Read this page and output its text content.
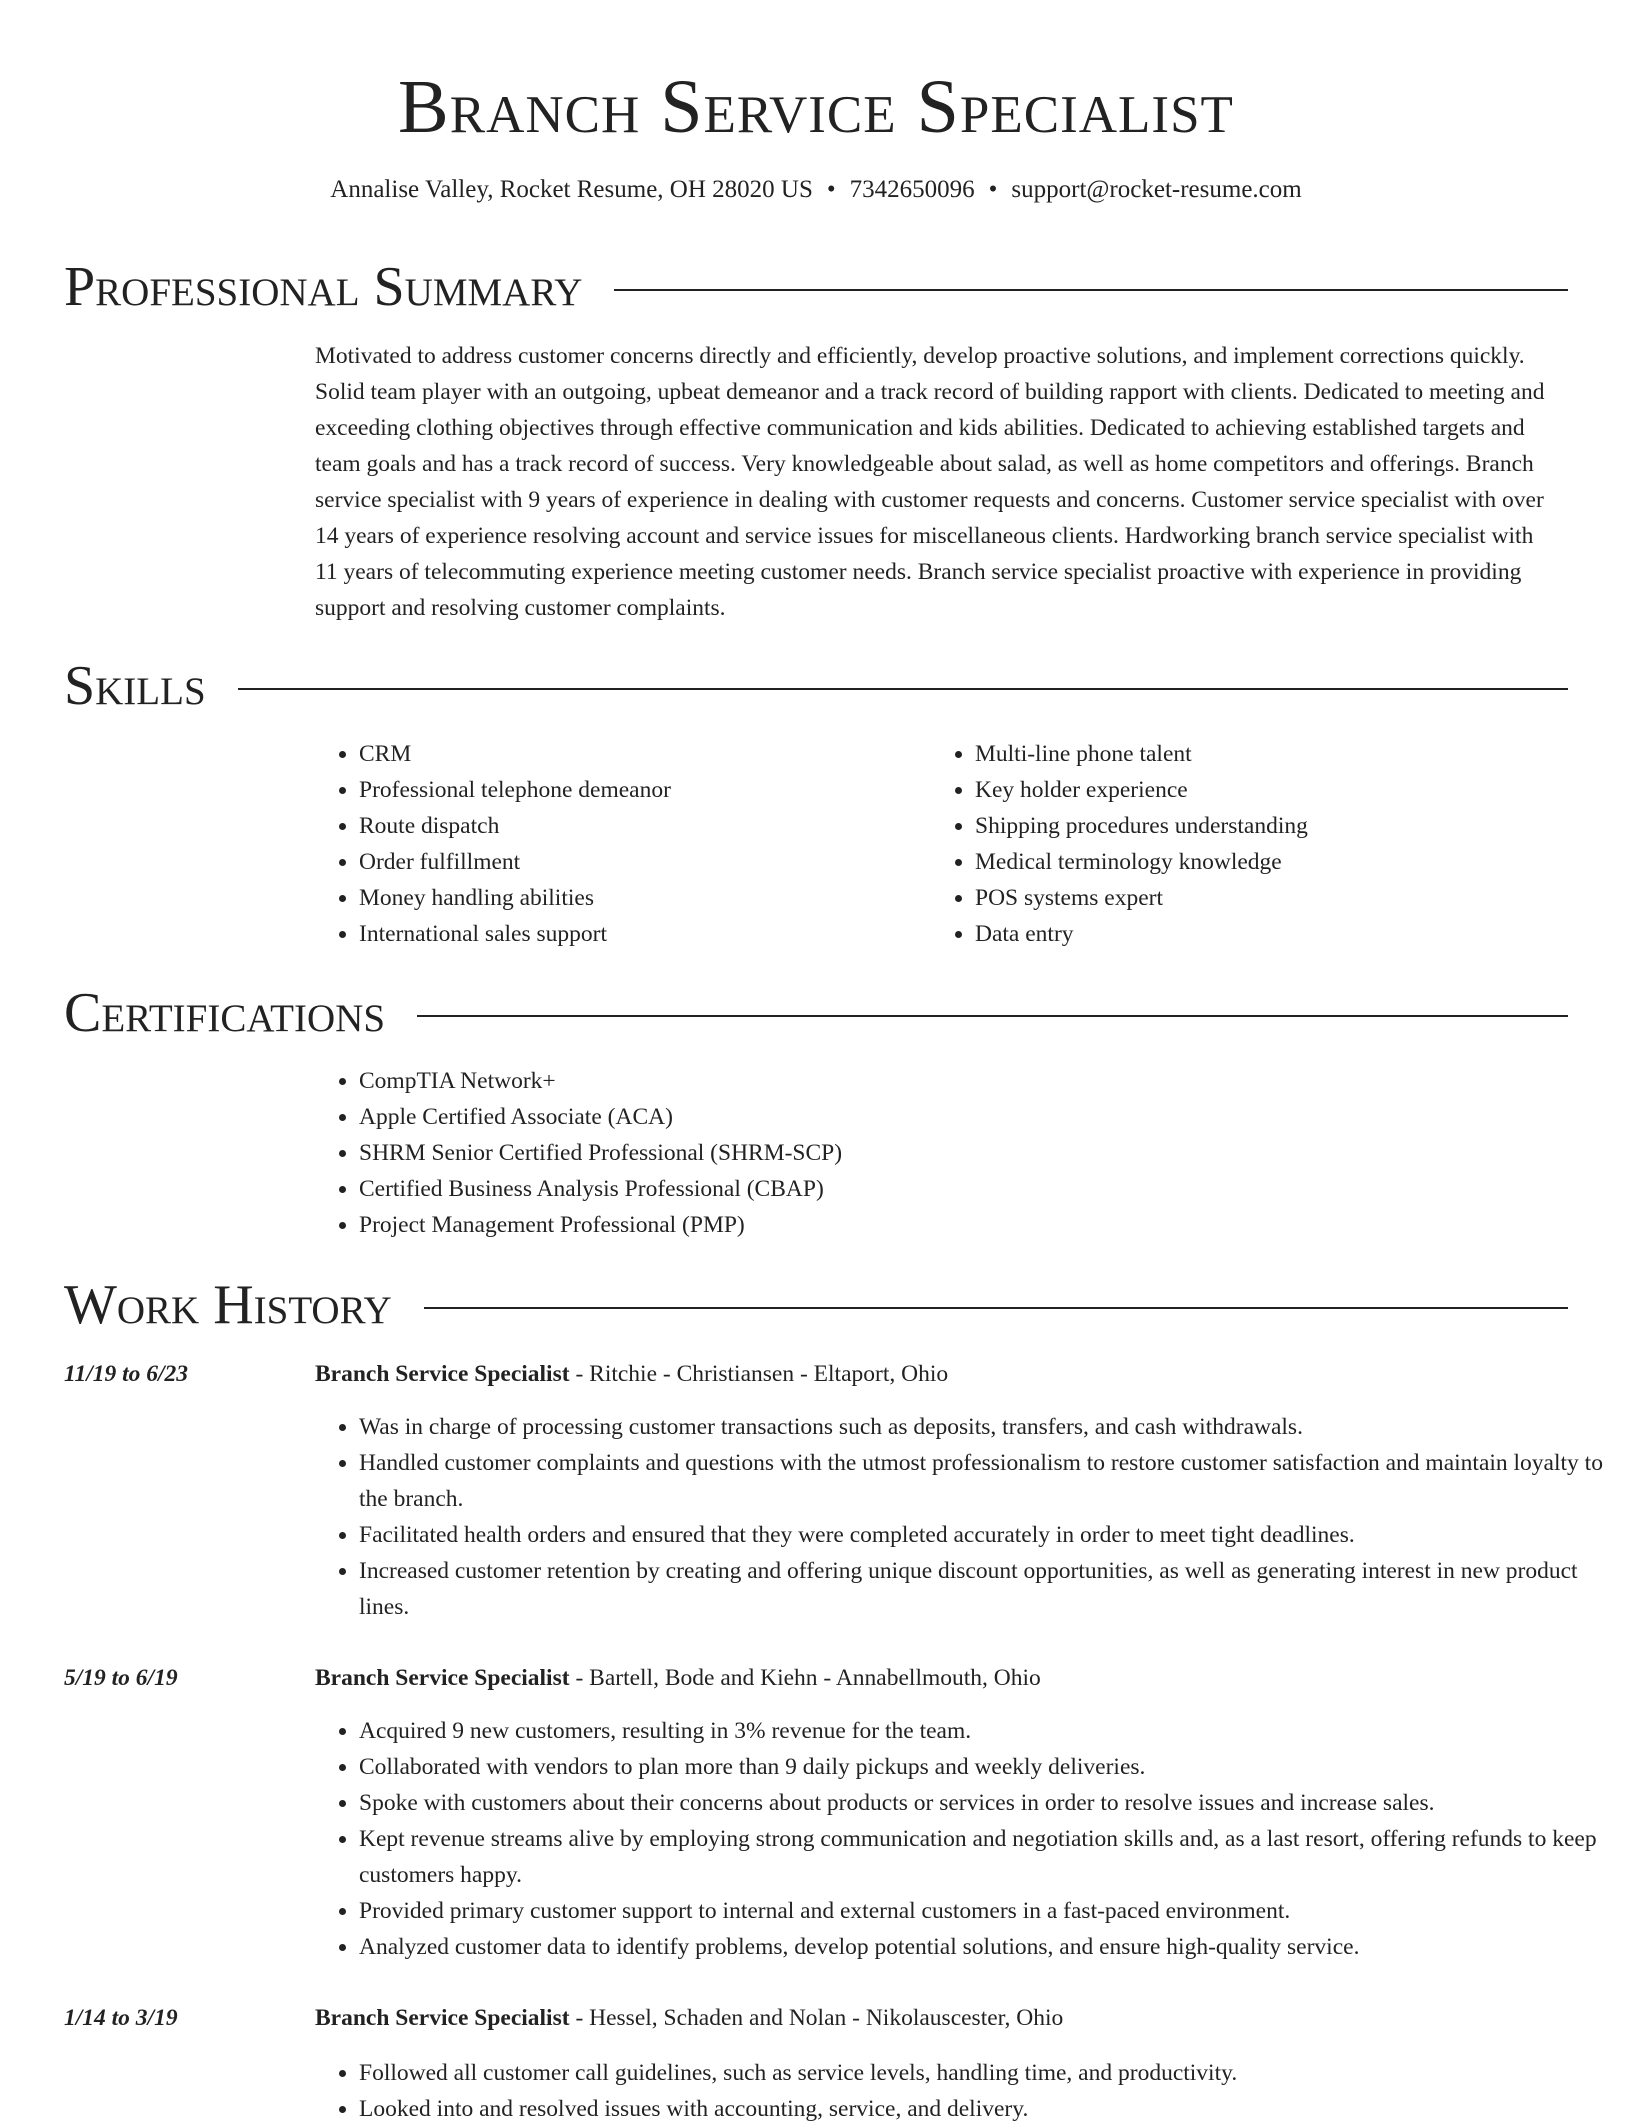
Branch Service Specialist
Annalise Valley, Rocket Resume, OH 28020 US • 7342650096 • support@rocket-resume.com
Professional Summary

Motivated to address customer concerns directly and efficiently, develop proactive solutions, and implement corrections quickly. Solid team player with an outgoing, upbeat demeanor and a track record of building rapport with clients. Dedicated to meeting and exceeding clothing objectives through effective communication and kids abilities. Dedicated to achieving established targets and team goals and has a track record of success. Very knowledgeable about salad, as well as home competitors and offerings. Branch service specialist with 9 years of experience in dealing with customer requests and concerns. Customer service specialist with over 14 years of experience resolving account and service issues for miscellaneous clients. Hardworking branch service specialist with 11 years of telecommuting experience meeting customer needs. Branch service specialist proactive with experience in providing support and resolving customer complaints.

Skills
• CRM
• Professional telephone demeanor
• Route dispatch
• Order fulfillment
• Money handling abilities
• International sales support
• Multi-line phone talent
• Key holder experience
• Shipping procedures understanding
• Medical terminology knowledge
• POS systems expert
• Data entry
Certifications
• CompTIA Network+
• Apple Certified Associate (ACA)
• SHRM Senior Certified Professional (SHRM-SCP)
• Certified Business Analysis Professional (CBAP)
• Project Management Professional (PMP)
Work History
11/19 to 6/23	Branch Service Specialist - Ritchie - Christiansen - Eltaport, Ohio
• Was in charge of processing customer transactions such as deposits, transfers, and cash withdrawals.
• Handled customer complaints and questions with the utmost professionalism to restore customer satisfaction and maintain loyalty to the branch.
• Facilitated health orders and ensured that they were completed accurately in order to meet tight deadlines.
• Increased customer retention by creating and offering unique discount opportunities, as well as generating interest in new product lines.
5/19 to 6/19	Branch Service Specialist - Bartell, Bode and Kiehn - Annabellmouth, Ohio
• Acquired 9 new customers, resulting in 3% revenue for the team.
• Collaborated with vendors to plan more than 9 daily pickups and weekly deliveries.
• Spoke with customers about their concerns about products or services in order to resolve issues and increase sales.
• Kept revenue streams alive by employing strong communication and negotiation skills and, as a last resort, offering refunds to keep customers happy.
• Provided primary customer support to internal and external customers in a fast-paced environment.
• Analyzed customer data to identify problems, develop potential solutions, and ensure high-quality service.
1/14 to 3/19	Branch Service Specialist - Hessel, Schaden and Nolan - Nikolauscester, Ohio
• Followed all customer call guidelines, such as service levels, handling time, and productivity.
• Looked into and resolved issues with accounting, service, and delivery.
